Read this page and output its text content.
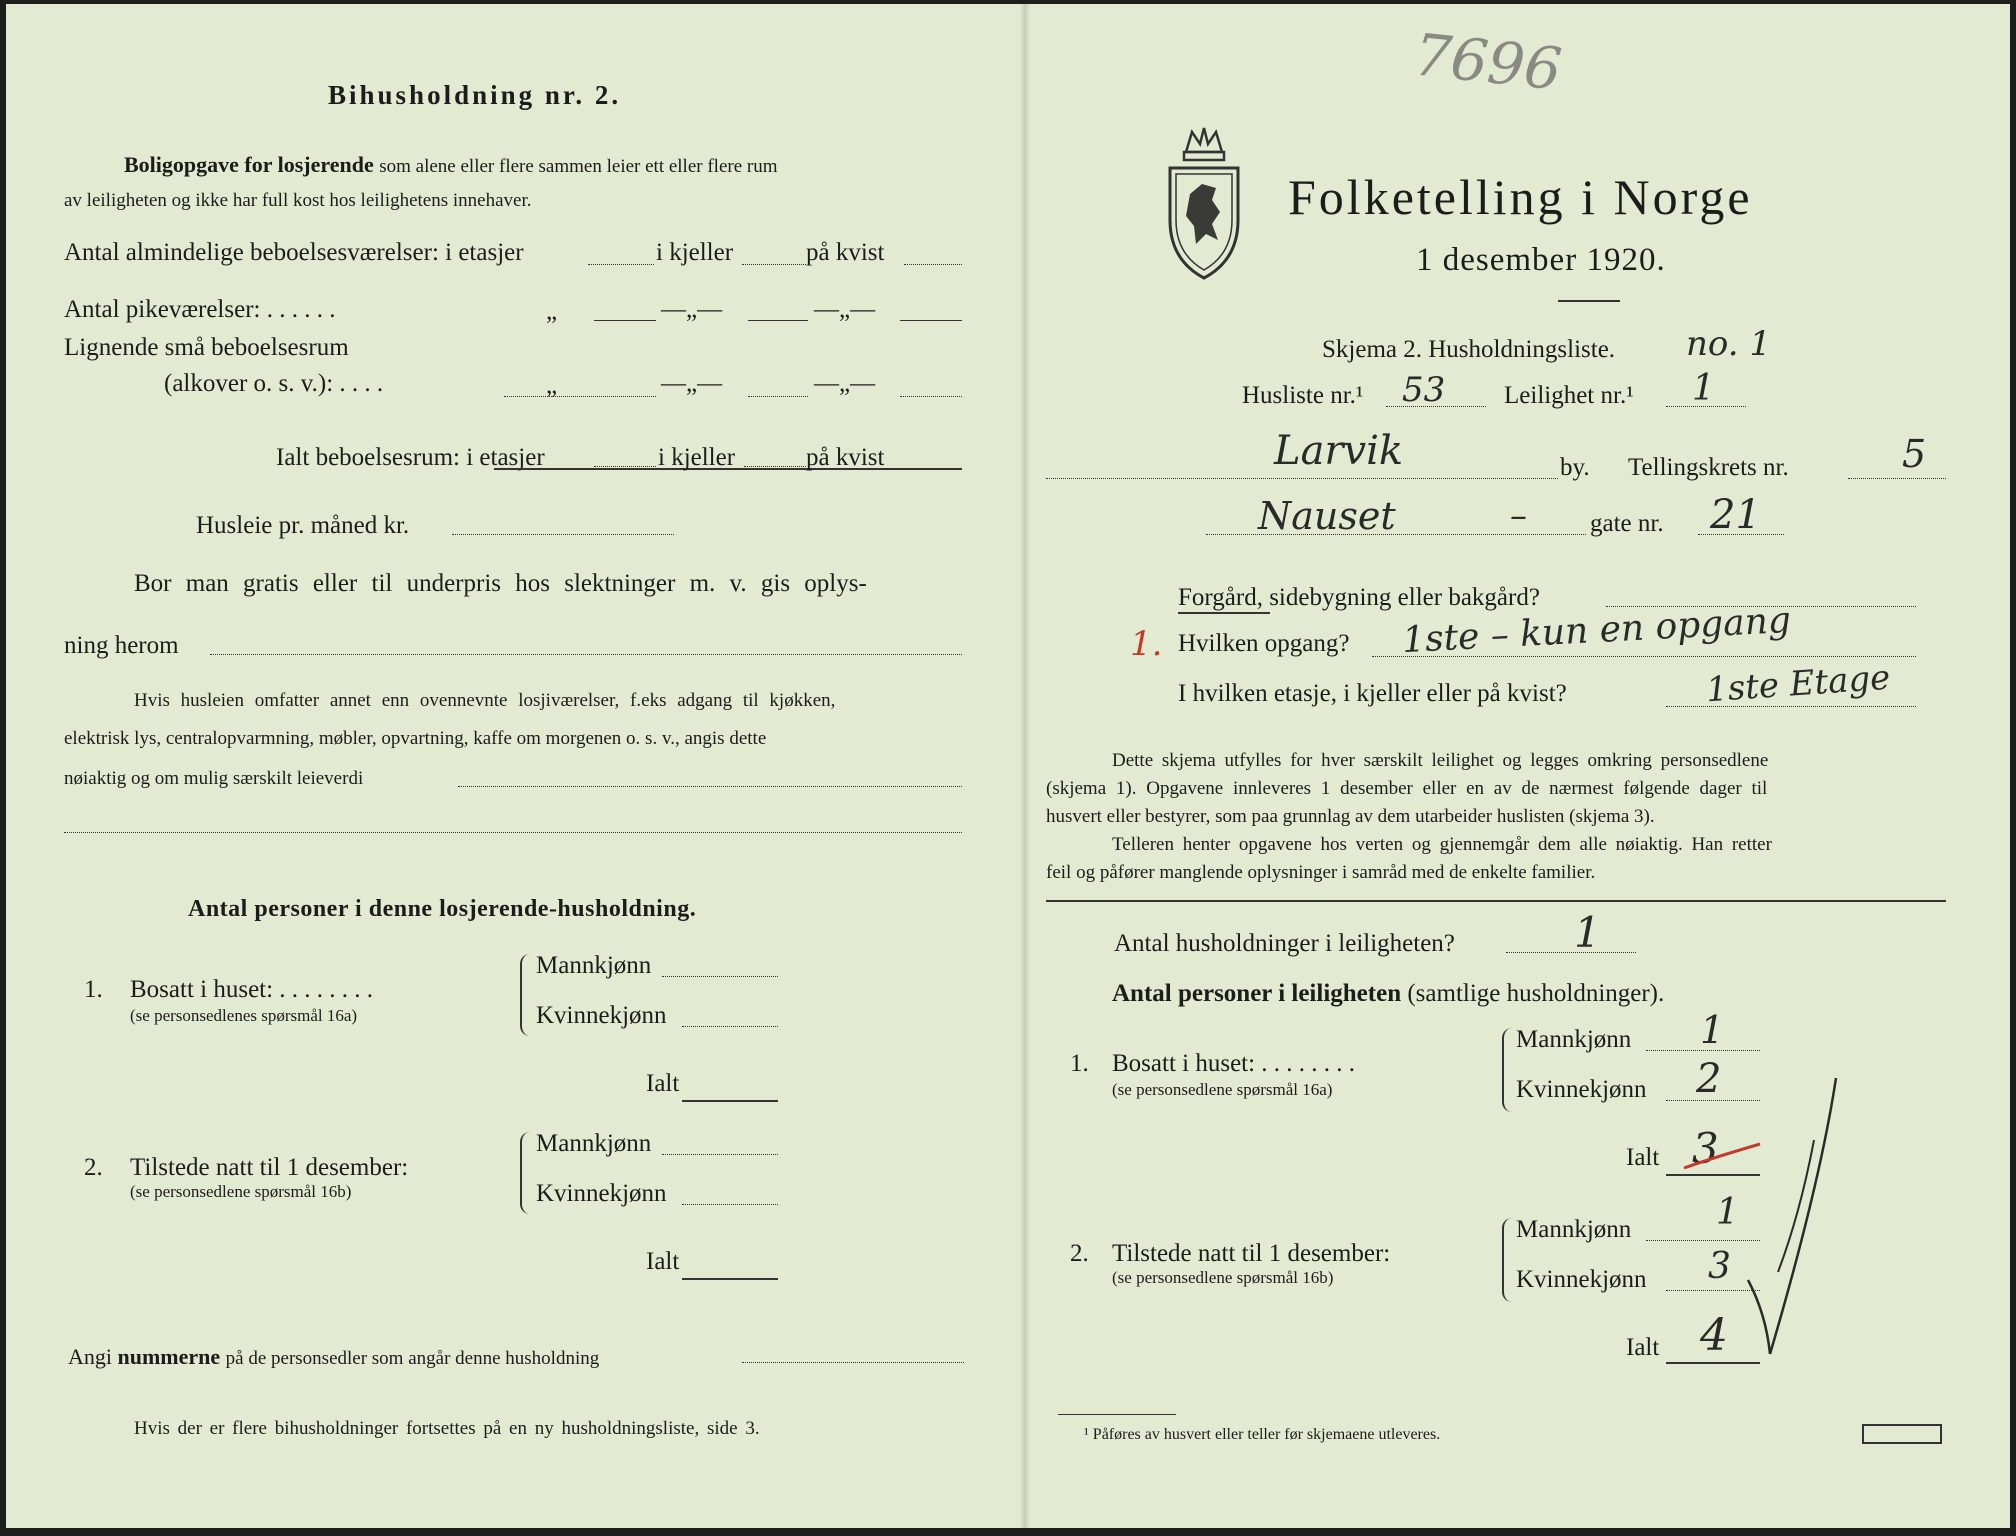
Bihusholdning nr. 2.
Boligopgave for losjerende som alene eller flere sammen leier ett eller flere rum
av leiligheten og ikke har full kost hos leilighetens innehaver.
Antal almindelige beboelsesværelser: i etasjer	i kjeller	på kvist
Antal pikeværelser: . . . . . .	„	—„—	—„—
Lignende små beboelsesrum
(alkover o. s. v.): . . . .	„	—„—	—„—
Ialt beboelsesrum: i etasjer	i kjeller	på kvist
Husleie pr. måned kr.
Bor man gratis eller til underpris hos slektninger m. v. gis oplys-
ning herom
Hvis husleien omfatter annet enn ovennevnte losjiværelser, f.eks adgang til kjøkken,
elektrisk lys, centralopvarmning, møbler, opvartning, kaffe om morgenen o. s. v., angis dette
nøiaktig og om mulig særskilt leieverdi
Antal personer i denne losjerende-husholdning.
1. Bosatt i huset: . . . . . . . .
(se personsedlenes spørsmål 16a)
Mannkjønn
Kvinnekjønn
Ialt
2. Tilstede natt til 1 desember:
(se personsedlene spørsmål 16b)
Mannkjønn
Kvinnekjønn
Ialt
Angi nummerne på de personsedler som angår denne husholdning
Hvis der er flere bihusholdninger fortsettes på en ny husholdningsliste, side 3.
7696
Folketelling i Norge
1 desember 1920.
Skjema 2. Husholdningsliste. no. 1
Husliste nr.¹ 53 Leilighet nr.¹ 1
Larvik	by. Tellingskrets nr.	5
Nauset	–	gate nr. 21
Forgård, sidebygning eller bakgård?
1. Hvilken opgang? 1ste – kun en opgang
I hvilken etasje, i kjeller eller på kvist?	1ste Etage
Dette skjema utfylles for hver særskilt leilighet og legges omkring personsedlene
(skjema 1). Opgavene innleveres 1 desember eller en av de nærmest følgende dager til
husvert eller bestyrer, som paa grunnlag av dem utarbeider huslisten (skjema 3).
Telleren henter opgavene hos verten og gjennemgår dem alle nøiaktig. Han retter
feil og påfører manglende oplysninger i samråd med de enkelte familier.
Antal husholdninger i leiligheten?	1
Antal personer i leiligheten (samtlige husholdninger).
1. Bosatt i huset: . . . . . . . .
(se personsedlene spørsmål 16a)
Mannkjønn 1
Kvinnekjønn 2
Ialt 3
2. Tilstede natt til 1 desember:
(se personsedlene spørsmål 16b)
Mannkjønn 1
Kvinnekjønn 3
Ialt 4
¹ Påføres av husvert eller teller før skjemaene utleveres.
